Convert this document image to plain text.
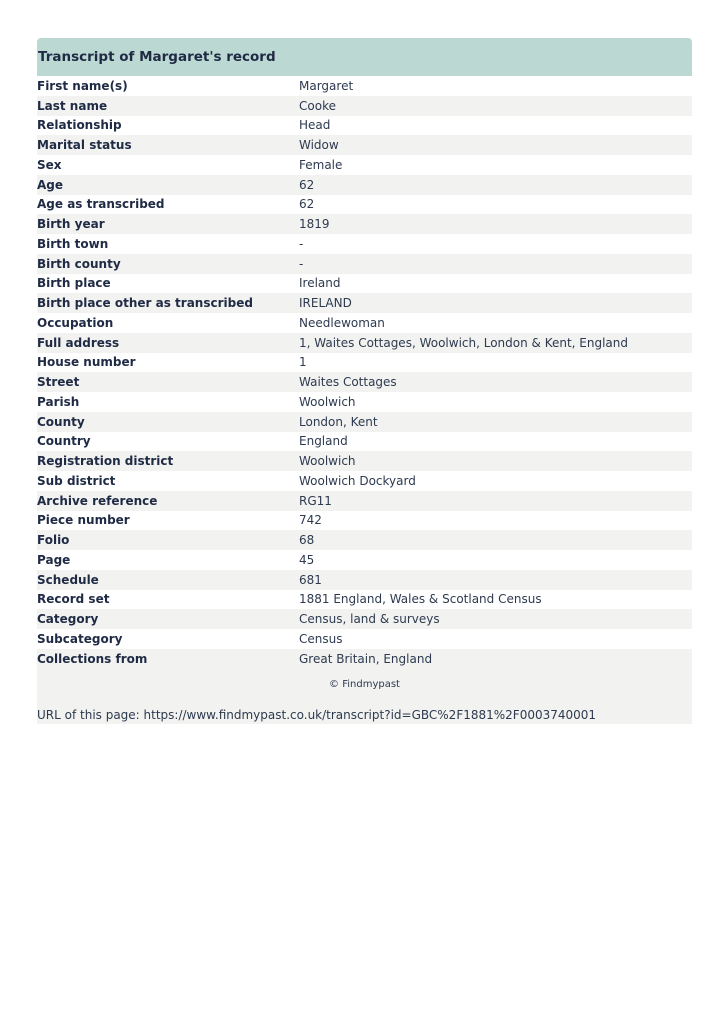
Transcript of Margaret's record
First name(s)	Margaret
Last name	Cooke
Relationship	Head
Marital status	Widow
Sex	Female
Age	62
Age as transcribed	62
Birth year	1819
Birth town	-
Birth county	-
Birth place	Ireland
Birth place other as transcribed	IRELAND
Occupation	Needlewoman
Full address	1, Waites Cottages, Woolwich, London & Kent, England
House number	1
Street	Waites Cottages
Parish	Woolwich
County	London, Kent
Country	England
Registration district	Woolwich
Sub district	Woolwich Dockyard
Archive reference	RG11
Piece number	742
Folio	68
Page	45
Schedule	681
Record set	1881 England, Wales & Scotland Census
Category	Census, land & surveys
Subcategory	Census
Collections from	Great Britain, England
© Findmypast
URL of this page: https://www.findmypast.co.uk/transcript?id=GBC%2F1881%2F0003740001
